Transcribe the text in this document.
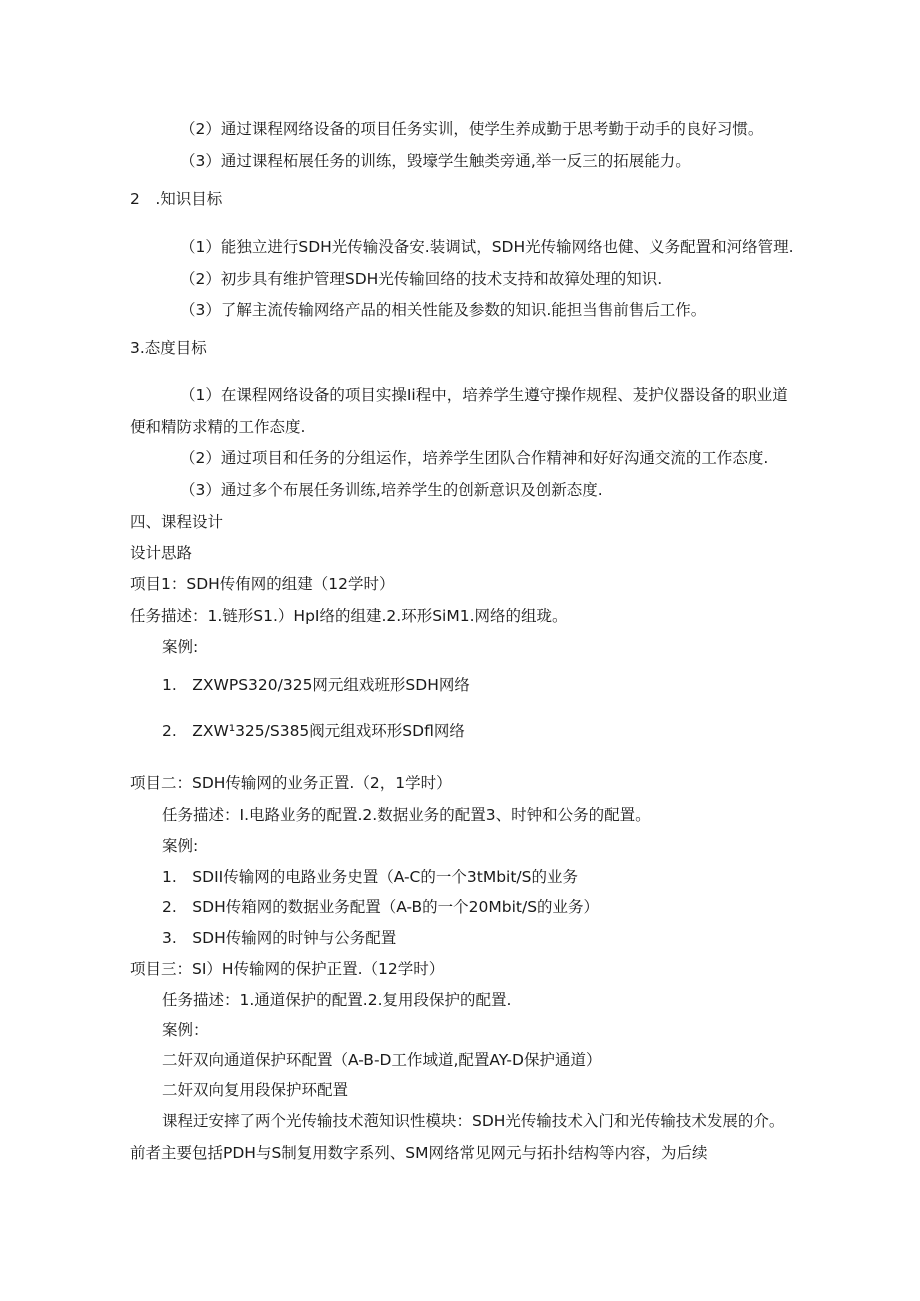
（2）通过课程网络设备的项目任务实训，使学生养成勤于思考勤于动手的良好习惯。
（3）通过课程柘展任务的训练，毁壕学生触类旁通,举一反三的拓展能力。
2　.知识目标
（1）能独立进行SDH光传输没备安.装调试，SDH光传输网络也健、义务配置和河络管理.
（2）初步具有维护管理SDH光传输回络的技术支持和故獐处理的知识.
（3）了解主流传输网络产品的相关性能及参数的知识.能担当售前售后工作。
3.态度目标
（1）在课程网络设备的项目实操Ii程中，培养学生遵守操作规程、茇护仪器设备的职业道便和精防求精的工作态度.
（2）通过项目和任务的分组运作，培养学生团队合作精神和好好沟通交流的工作态度.
（3）通过多个布展任务训练,培养学生的创新意识及创新态度.
四、课程设计
设计思路
项目1：SDH传侑网的组建（12学时）
任务描述：1.链形S1.）HpI络的组建.2.环形SiM1.网络的组珑。
案例:
1.　ZXWPS320/325网元组戏班形SDH网络
2.　ZXW¹325/S385阀元组戏环形SDfl网络
项目二：SDH传输网的业务正置.（2，1学时）
任务描述：I.电路业务的配置.2.数据业务的配置3、时钟和公务的配置。
案例:
1.　SDII传输网的电路业务史置（A-C的一个3tMbit/S的业务
2.　SDH传箱网的数据业务配置（A-B的一个20Mbit/S的业务）
3.　SDH传输网的时钟与公务配置
项目三：SI）H传输网的保护正置.（12学时）
任务描述：1.通道保护的配置.2.复用段保护的配置.
案例：
二奸双向通道保护环配置（A-B-D工作域道,配置AY-D保护通道）
二奸双向复用段保护环配置
课程迂安摔了两个光传输技术萢知识性模块：SDH光传输技术入门和光传输技术发展的介。前者主要包括PDH与S制复用数字系列、SM网络常见网元与拓扑结构等内容，为后续
